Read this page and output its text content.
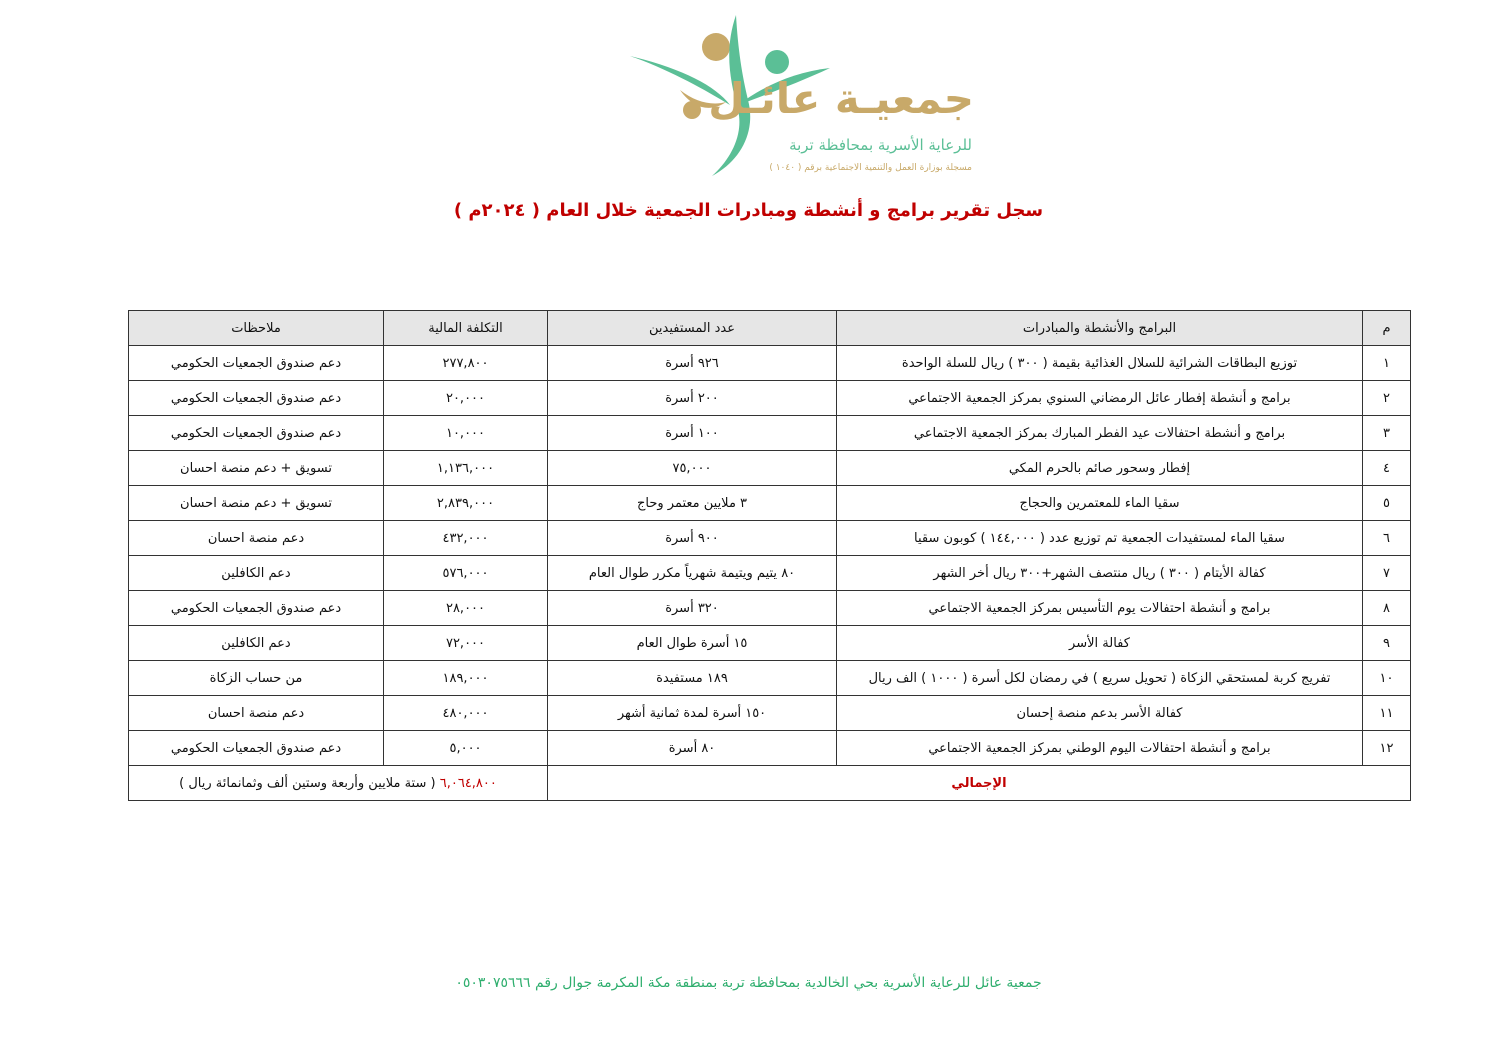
جمعيـة عائـل
للرعاية الأسرية بمحافظة تربة
مسجلة بوزارة العمل والتنمية الاجتماعية برقم ( ١٠٤٠ )
سجل تقرير برامج و أنشطة ومبادرات الجمعية خلال العام ( ٢٠٢٤م )
م	البرامج والأنشطة والمبادرات	عدد المستفيدين	التكلفة المالية	ملاحظات
١	توزيع البطاقات الشرائية للسلال الغذائية بقيمة ( ٣٠٠ ) ريال للسلة الواحدة	٩٢٦ أسرة	٢٧٧,٨٠٠	دعم صندوق الجمعيات الحكومي
٢	برامج و أنشطة إفطار عائل الرمضاني السنوي بمركز الجمعية الاجتماعي	٢٠٠ أسرة	٢٠,٠٠٠	دعم صندوق الجمعيات الحكومي
٣	برامج و أنشطة احتفالات عيد الفطر المبارك بمركز الجمعية الاجتماعي	١٠٠ أسرة	١٠,٠٠٠	دعم صندوق الجمعيات الحكومي
٤	إفطار وسحور صائم بالحرم المكي	٧٥,٠٠٠	١,١٣٦,٠٠٠	تسويق + دعم منصة احسان
٥	سقيا الماء للمعتمرين والحجاج	٣ ملايين معتمر وحاج	٢,٨٣٩,٠٠٠	تسويق + دعم منصة احسان
٦	سقيا الماء لمستفيدات الجمعية تم توزيع عدد ( ١٤٤,٠٠٠ ) كوبون سقيا	٩٠٠ أسرة	٤٣٢,٠٠٠	دعم منصة احسان
٧	كفالة الأيتام ( ٣٠٠ ) ريال منتصف الشهر+٣٠٠ ريال أخر الشهر	٨٠ يتيم ويتيمة شهرياً مكرر طوال العام	٥٧٦,٠٠٠	دعم الكافلين
٨	برامج و أنشطة احتفالات يوم التأسيس بمركز الجمعية الاجتماعي	٣٢٠ أسرة	٢٨,٠٠٠	دعم صندوق الجمعيات الحكومي
٩	كفالة الأسر	١٥ أسرة طوال العام	٧٢,٠٠٠	دعم الكافلين
١٠	تفريج كربة لمستحقي الزكاة ( تحويل سريع ) في رمضان لكل أسرة ( ١٠٠٠ ) الف ريال	١٨٩ مستفيدة	١٨٩,٠٠٠	من حساب الزكاة
١١	كفالة الأسر بدعم منصة إحسان	١٥٠ أسرة لمدة ثمانية أشهر	٤٨٠,٠٠٠	دعم منصة احسان
١٢	برامج و أنشطة احتفالات اليوم الوطني بمركز الجمعية الاجتماعي	٨٠ أسرة	٥,٠٠٠	دعم صندوق الجمعيات الحكومي
الإجمالي			٦,٠٦٤,٨٠٠ ( ستة ملايين وأربعة وستين ألف وثمانمائة ريال )	
جمعية عائل للرعاية الأسرية بحي الخالدية بمحافظة تربة بمنطقة مكة المكرمة جوال رقم ٠٥٠٣٠٧٥٦٦٦
